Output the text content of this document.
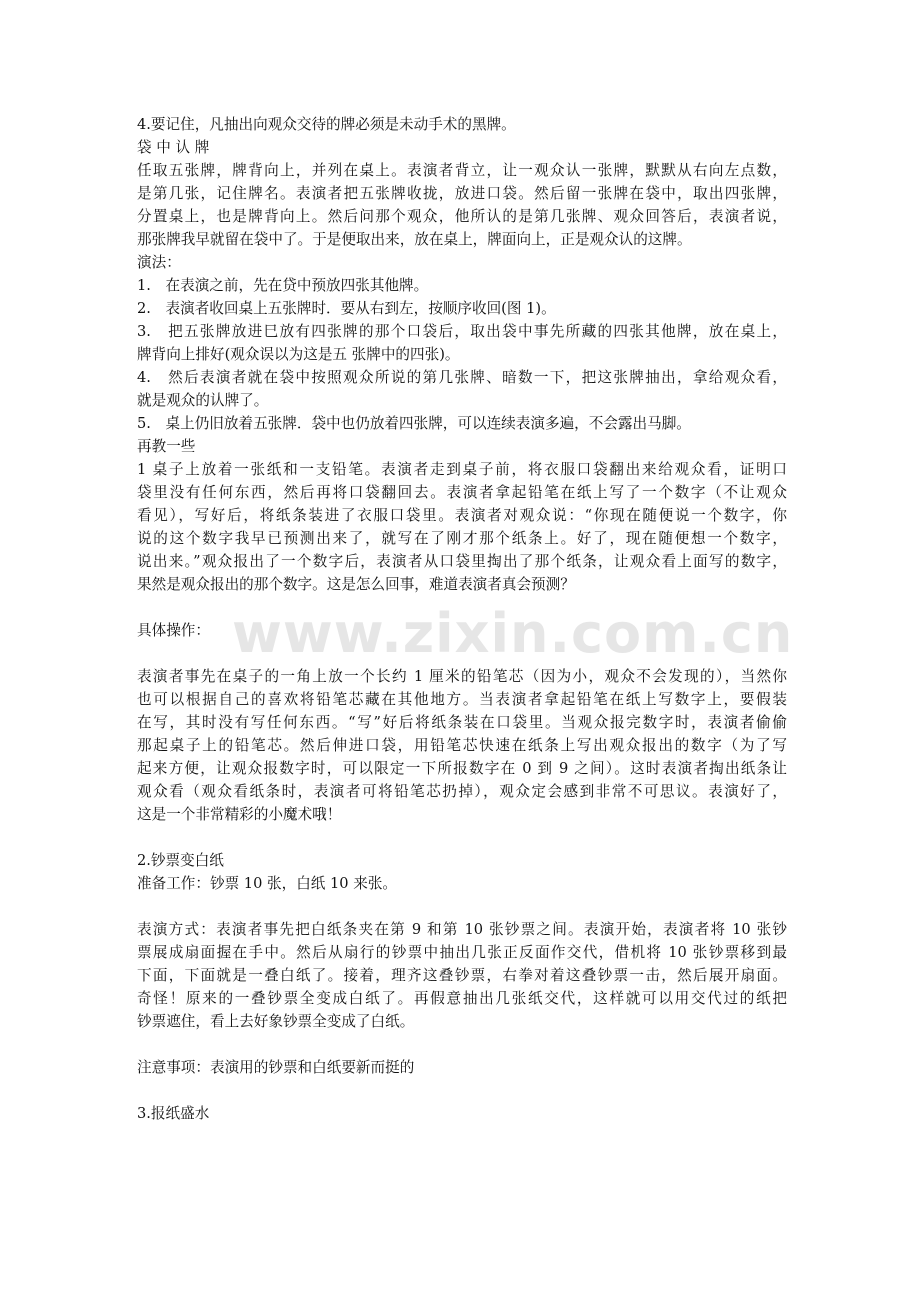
www.zixin.com.cn
4.要记住，凡抽出向观众交待的牌必须是未动手术的黑牌。
袋 中 认 牌
任取五张牌，牌背向上，并列在桌上。表演者背立，让一观众认一张牌，默默从右向左点数，
是第几张，记住牌名。表演者把五张牌收拢，放进口袋。然后留一张牌在袋中，取出四张牌，
分置桌上，也是牌背向上。然后问那个观众，他所认的是第几张牌、观众回答后，表演者说，
那张牌我早就留在袋中了。于是便取出来，放在桌上，牌面向上，正是观众认的这牌。
演法：
1.　在表演之前，先在贷中预放四张其他牌。
2.　表演者收回桌上五张牌时．要从右到左，按顺序收回(图 1)。
3.　把五张牌放进巳放有四张牌的那个口袋后，取出袋中事先所藏的四张其他牌，放在桌上，
牌背向上排好(观众误以为这是五 张牌中的四张)。
4.　然后表演者就在袋中按照观众所说的第几张牌、暗数一下，把这张牌抽出，拿给观众看，
就是观众的认牌了。
5.　桌上仍旧放着五张牌．袋中也仍放着四张牌，可以连续表演多遍，不会露出马脚。
再教一些
1 桌子上放着一张纸和一支铅笔。表演者走到桌子前，将衣服口袋翻出来给观众看，证明口
袋里没有任何东西，然后再将口袋翻回去。表演者拿起铅笔在纸上写了一个数字（不让观众
看见），写好后，将纸条装进了衣服口袋里。表演者对观众说：“你现在随便说一个数字，你
说的这个数字我早已预测出来了，就写在了刚才那个纸条上。好了，现在随便想一个数字，
说出来。”观众报出了一个数字后，表演者从口袋里掏出了那个纸条，让观众看上面写的数字，
果然是观众报出的那个数字。这是怎么回事，难道表演者真会预测？
具体操作：
表演者事先在桌子的一角上放一个长约 1 厘米的铅笔芯（因为小，观众不会发现的），当然你
也可以根据自己的喜欢将铅笔芯藏在其他地方。当表演者拿起铅笔在纸上写数字上，要假装
在写，其时没有写任何东西。“写”好后将纸条装在口袋里。当观众报完数字时，表演者偷偷
那起桌子上的铅笔芯。然后伸进口袋，用铅笔芯快速在纸条上写出观众报出的数字（为了写
起来方便，让观众报数字时，可以限定一下所报数字在 0 到 9 之间）。这时表演者掏出纸条让
观众看（观众看纸条时，表演者可将铅笔芯扔掉），观众定会感到非常不可思议。表演好了，
这是一个非常精彩的小魔术哦！
2.钞票变白纸
准备工作：钞票 10 张，白纸 10 来张。
表演方式：表演者事先把白纸条夹在第 9 和第 10 张钞票之间。表演开始，表演者将 10 张钞
票展成扇面握在手中。然后从扇行的钞票中抽出几张正反面作交代，借机将 10 张钞票移到最
下面，下面就是一叠白纸了。接着，理齐这叠钞票，右拳对着这叠钞票一击，然后展开扇面。
奇怪！原来的一叠钞票全变成白纸了。再假意抽出几张纸交代，这样就可以用交代过的纸把
钞票遮住，看上去好象钞票全变成了白纸。
注意事项：表演用的钞票和白纸要新而挺的
3.报纸盛水
